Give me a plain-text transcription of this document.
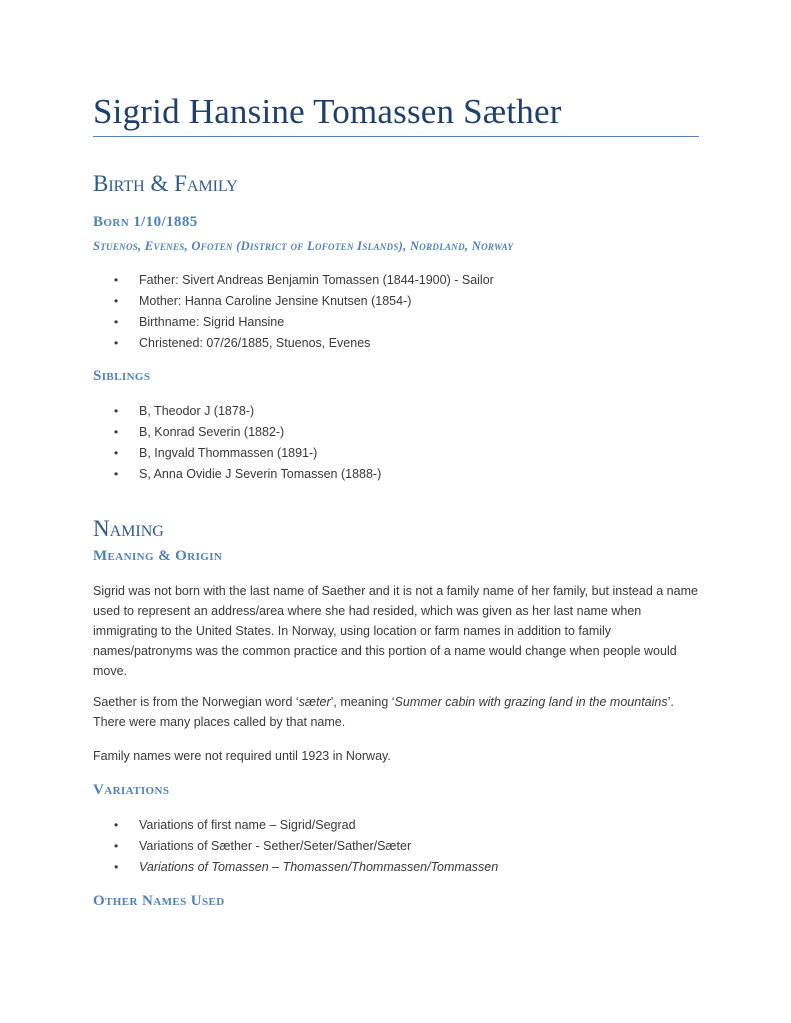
Sigrid Hansine Tomassen Sæther
Birth & Family
Born 1/10/1885
Stuenos, Evenes, Ofoten (District of Lofoten Islands), Nordland, Norway
• Father: Sivert Andreas Benjamin Tomassen (1844-1900) - Sailor
• Mother: Hanna Caroline Jensine Knutsen (1854-)
• Birthname: Sigrid Hansine
• Christened: 07/26/1885, Stuenos, Evenes
Siblings
• B, Theodor J (1878-)
• B, Konrad Severin (1882-)
• B, Ingvald Thommassen (1891-)
• S, Anna Ovidie J Severin Tomassen (1888-)
Naming
Meaning & Origin

Sigrid was not born with the last name of Saether and it is not a family name of her family, but instead a name used to represent an address/area where she had resided, which was given as her last name when immigrating to the United States. In Norway, using location or farm names in addition to family names/patronyms was the common practice and this portion of a name would change when people would move.

Saether is from the Norwegian word ‘sæter’, meaning ‘Summer cabin with grazing land in the mountains’. There were many places called by that name.

Family names were not required until 1923 in Norway.

Variations
• Variations of first name – Sigrid/Segrad
• Variations of Sæther - Sether/Seter/Sather/Sæter
• Variations of Tomassen – Thomassen/Thommassen/Tommassen
Other Names Used
